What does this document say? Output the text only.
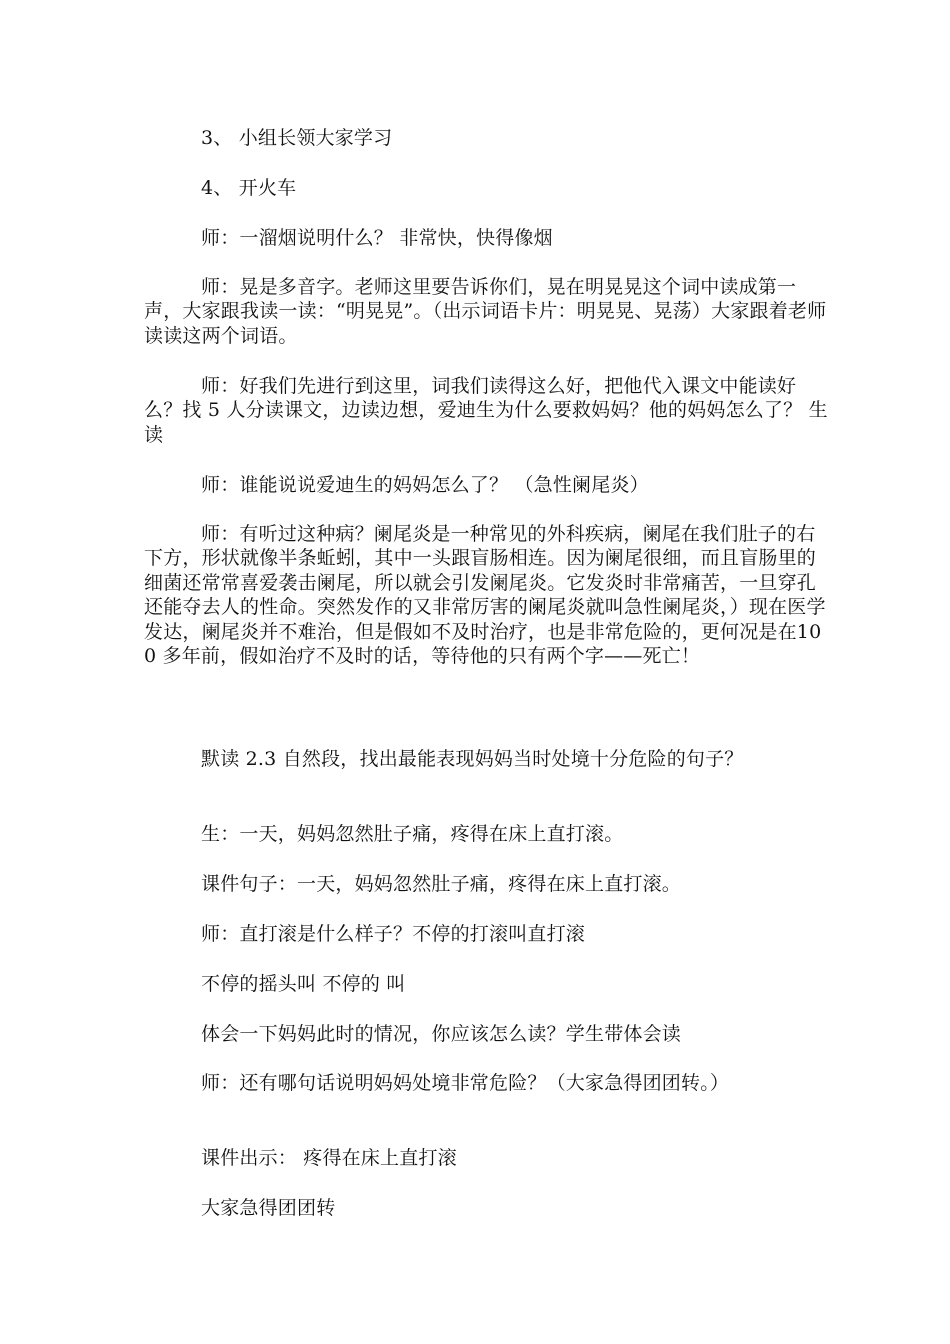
3、 小组长领大家学习

4、 开火车

师：一溜烟说明什么？ 非常快，快得像烟

师：晃是多音字。老师这里要告诉你们，晃在明晃晃这个词中读成第一声，大家跟我读一读：“明晃晃”。（出示词语卡片：明晃晃、晃荡）大家跟着老师读读这两个词语。

师：好我们先进行到这里，词我们读得这么好，把他代入课文中能读好么？找 5 人分读课文，边读边想，爱迪生为什么要救妈妈？他的妈妈怎么了？ 生读

师：谁能说说爱迪生的妈妈怎么了？ （急性阑尾炎）

师：有听过这种病？阑尾炎是一种常见的外科疾病，阑尾在我们肚子的右下方，形状就像半条蚯蚓，其中一头跟盲肠相连。因为阑尾很细，而且盲肠里的细菌还常常喜爱袭击阑尾，所以就会引发阑尾炎。它发炎时非常痛苦，一旦穿孔还能夺去人的性命。突然发作的又非常厉害的阑尾炎就叫急性阑尾炎，）现在医学发达，阑尾炎并不难治，但是假如不及时治疗，也是非常危险的，更何况是在100 多年前，假如治疗不及时的话，等待他的只有两个字——死亡！

默读 2.3 自然段，找出最能表现妈妈当时处境十分危险的句子？

生：一天，妈妈忽然肚子痛，疼得在床上直打滚。

课件句子：一天，妈妈忽然肚子痛，疼得在床上直打滚。

师：直打滚是什么样子？不停的打滚叫直打滚

不停的摇头叫 不停的 叫

体会一下妈妈此时的情况，你应该怎么读？学生带体会读

师：还有哪句话说明妈妈处境非常危险？（大家急得团团转。）

课件出示： 疼得在床上直打滚

大家急得团团转
